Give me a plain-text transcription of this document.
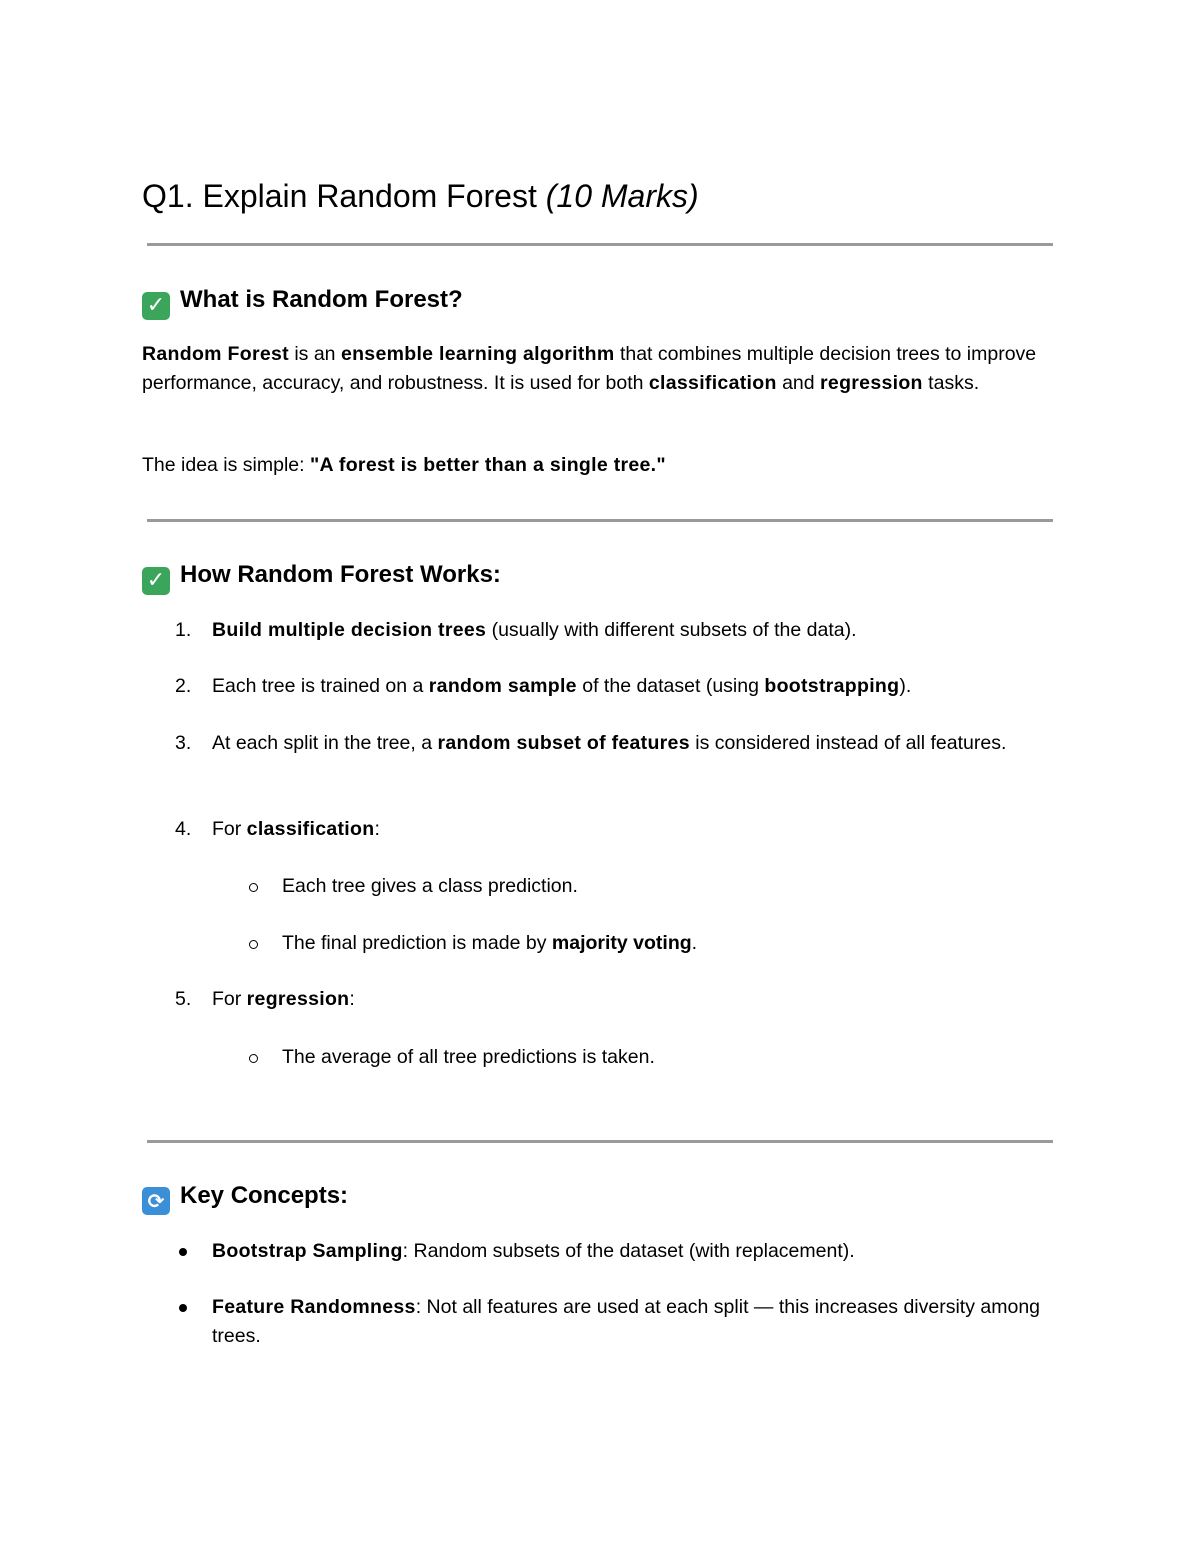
Q1. Explain Random Forest (10 Marks)
✓ What is Random Forest?

Random Forest is an ensemble learning algorithm that combines multiple decision trees to improve performance, accuracy, and robustness. It is used for both classification and regression tasks.

The idea is simple: "A forest is better than a single tree."

✓ How Random Forest Works:

1.	Build multiple decision trees (usually with different subsets of the data).

2.	Each tree is trained on a random sample of the dataset (using bootstrapping).

3.	At each split in the tree, a random subset of features is considered instead of all features.

4.	For classification:

Each tree gives a class prediction.

The final prediction is made by majority voting.

5.	For regression:

The average of all tree predictions is taken.

⟳ Key Concepts:

Bootstrap Sampling: Random subsets of the dataset (with replacement).

Feature Randomness: Not all features are used at each split — this increases diversity among trees.
